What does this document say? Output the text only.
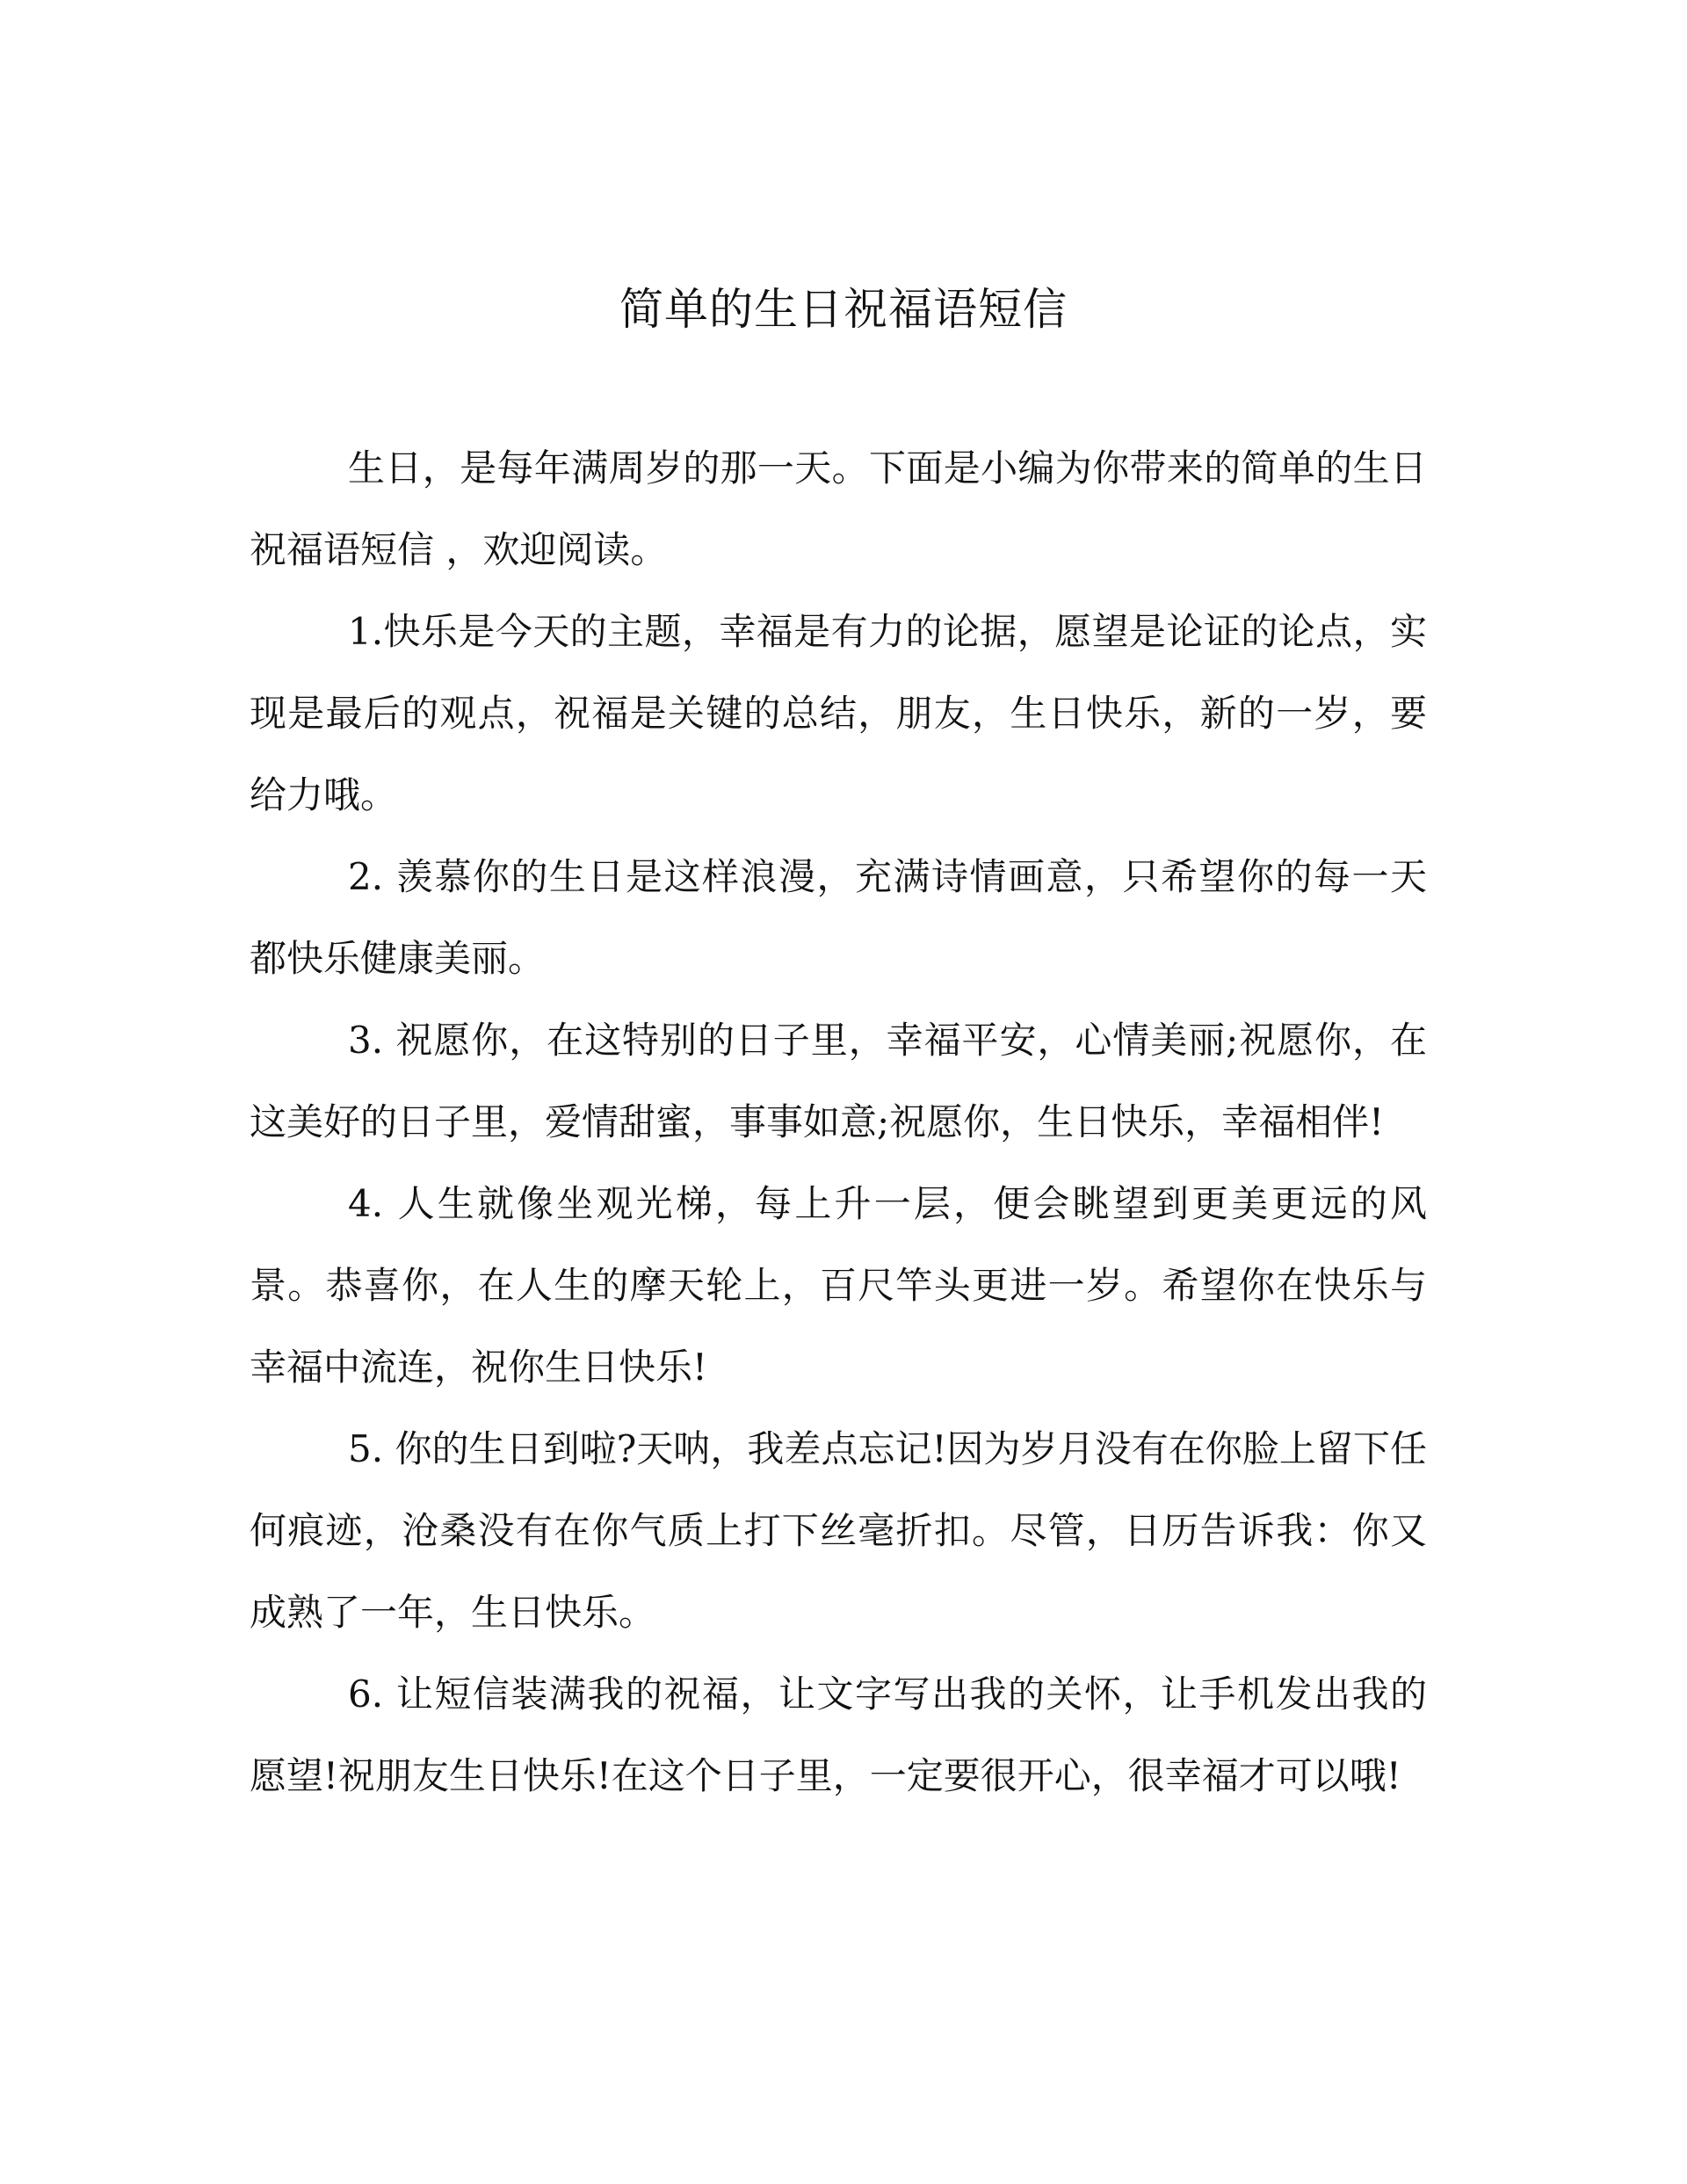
简单的生日祝福语短信

生日，是每年满周岁的那一天。下面是小编为你带来的简单的生日祝福语短信 ，欢迎阅读。

1.快乐是今天的主题，幸福是有力的论据，愿望是论证的论点，实现是最后的观点，祝福是关键的总结，朋友，生日快乐，新的一岁，要给力哦。

2. 羡慕你的生日是这样浪漫，充满诗情画意，只希望你的每一天都快乐健康美丽。

3. 祝愿你，在这特别的日子里，幸福平安，心情美丽;祝愿你，在这美好的日子里，爱情甜蜜，事事如意;祝愿你，生日快乐，幸福相伴!

4. 人生就像坐观光梯，每上升一层，便会眺望到更美更远的风景。恭喜你，在人生的摩天轮上，百尺竿头更进一岁。希望你在快乐与幸福中流连，祝你生日快乐!

5. 你的生日到啦?天呐，我差点忘记!因为岁月没有在你脸上留下任何痕迹，沧桑没有在你气质上打下丝毫折扣。尽管，日历告诉我：你又成熟了一年，生日快乐。

6. 让短信装满我的祝福，让文字写出我的关怀，让手机发出我的愿望!祝朋友生日快乐!在这个日子里，一定要很开心，很幸福才可以哦!
